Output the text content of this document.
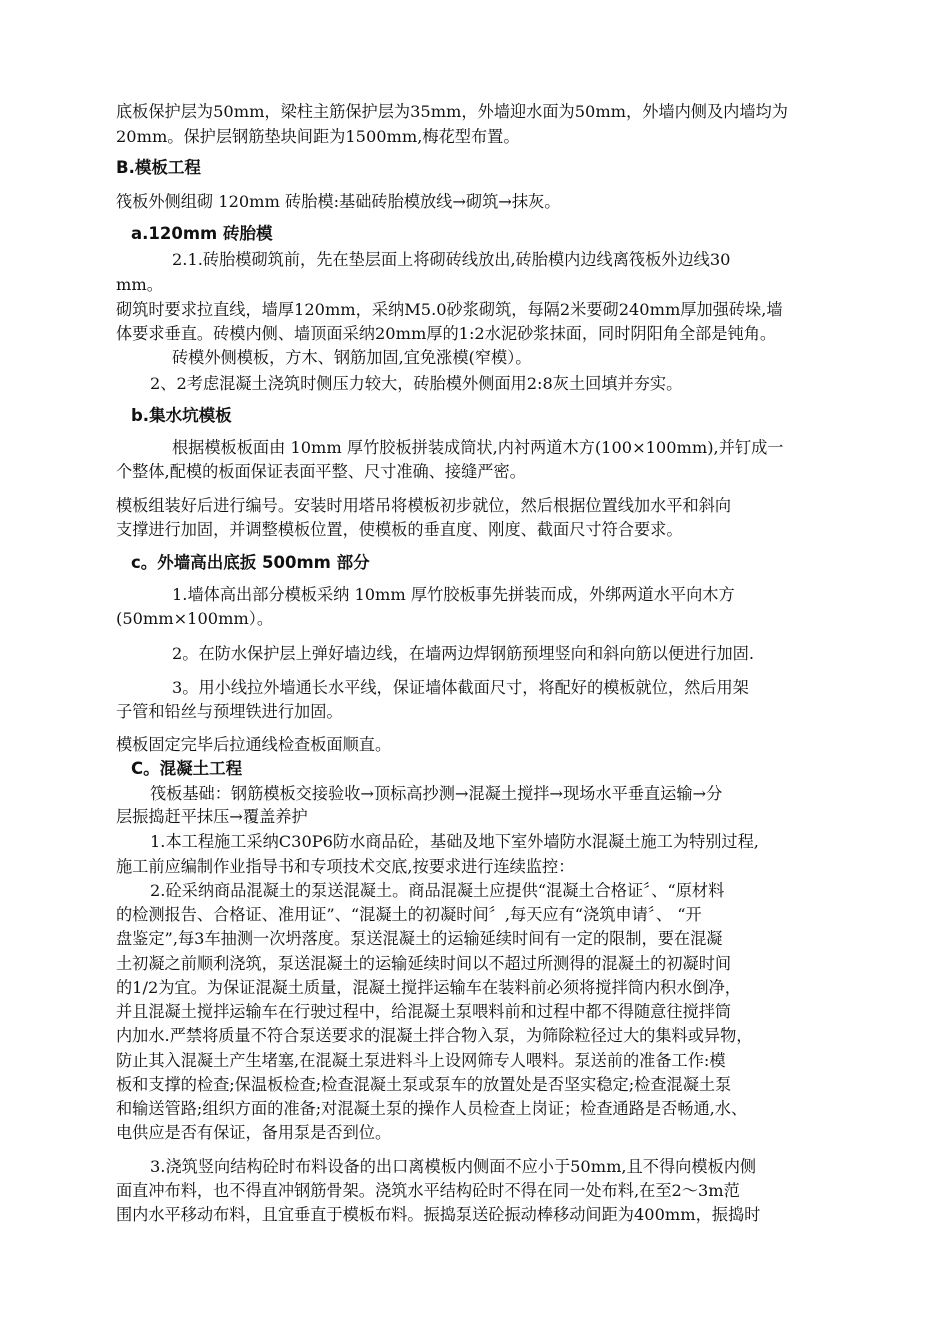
底板保护层为50mm，梁柱主筋保护层为35mm，外墙迎水面为50mm，外墙内侧及内墙均为
20mm。保护层钢筋垫块间距为1500mm,梅花型布置。
B.模板工程
筏板外侧组砌 120mm 砖胎模:基础砖胎模放线→砌筑→抹灰。
a.120mm 砖胎模
2.1.砖胎模砌筑前，先在垫层面上将砌砖线放出,砖胎模内边线离筏板外边线30
mm。
砌筑时要求拉直线，墙厚120mm，采纳M5.0砂浆砌筑，每隔2米要砌240mm厚加强砖垛,墙
体要求垂直。砖模内侧、墙顶面采纳20mm厚的1:2水泥砂浆抹面，同时阴阳角全部是钝角。
砖模外侧模板，方木、钢筋加固,宜免涨模(窄模）。
2、2考虑混凝土浇筑时侧压力较大，砖胎模外侧面用2:8灰土回填并夯实。
b.集水坑模板
根据模板板面由 10mm 厚竹胶板拼装成筒状,内衬两道木方(100×100mm),并钉成一
个整体,配模的板面保证表面平整、尺寸准确、接缝严密。
模板组装好后进行编号。安装时用塔吊将模板初步就位，然后根据位置线加水平和斜向
支撑进行加固，并调整模板位置，使模板的垂直度、刚度、截面尺寸符合要求。
c。外墙高出底扳 500mm 部分
1.墙体高出部分模板采纳 10mm 厚竹胶板事先拼装而成，外绑两道水平向木方
(50mm×100mm）。
2。在防水保护层上弹好墙边线，在墙两边焊钢筋预埋竖向和斜向筋以便进行加固.
3。用小线拉外墙通长水平线，保证墙体截面尺寸，将配好的模板就位，然后用架
子管和铅丝与预埋铁进行加固。
模板固定完毕后拉通线检查板面顺直。
C。混凝土工程
筏板基础：钢筋模板交接验收→顶标高抄测→混凝土搅拌→现场水平垂直运输→分
层振捣赶平抹压→覆盖养护
1.本工程施工采纳C30P6防水商品砼，基础及地下室外墙防水混凝土施工为特别过程,
施工前应编制作业指导书和专项技术交底,按要求进行连续监控：
2.砼采纳商品混凝土的泵送混凝土。商品混凝土应提供“混凝土合格证〞、“原材料
的检测报告、合格证、准用证”、“混凝土的初凝时间〞,每天应有“浇筑申请〞、 “开
盘鉴定”,每3车抽测一次坍落度。泵送混凝土的运输延续时间有一定的限制，要在混凝
土初凝之前顺利浇筑，泵送混凝土的运输延续时间以不超过所测得的混凝土的初凝时间
的1/2为宜。为保证混凝土质量，混凝土搅拌运输车在装料前必须将搅拌筒内积水倒净，
并且混凝土搅拌运输车在行驶过程中，给混凝土泵喂料前和过程中都不得随意往搅拌筒
内加水.严禁将质量不符合泵送要求的混凝土拌合物入泵，为筛除粒径过大的集料或异物，
防止其入混凝土产生堵塞,在混凝土泵进料斗上设网筛专人喂料。泵送前的准备工作:模
板和支撑的检查;保温板检查;检查混凝土泵或泵车的放置处是否坚实稳定;检查混凝土泵
和输送管路;组织方面的准备;对混凝土泵的操作人员检查上岗证；检查通路是否畅通,水、
电供应是否有保证，备用泵是否到位。
3.浇筑竖向结构砼时布料设备的出口离模板内侧面不应小于50mm,且不得向模板内侧
面直冲布料，也不得直冲钢筋骨架。浇筑水平结构砼时不得在同一处布料,在至2～3m范
围内水平移动布料，且宜垂直于模板布料。振捣泵送砼振动棒移动间距为400mm，振捣时
